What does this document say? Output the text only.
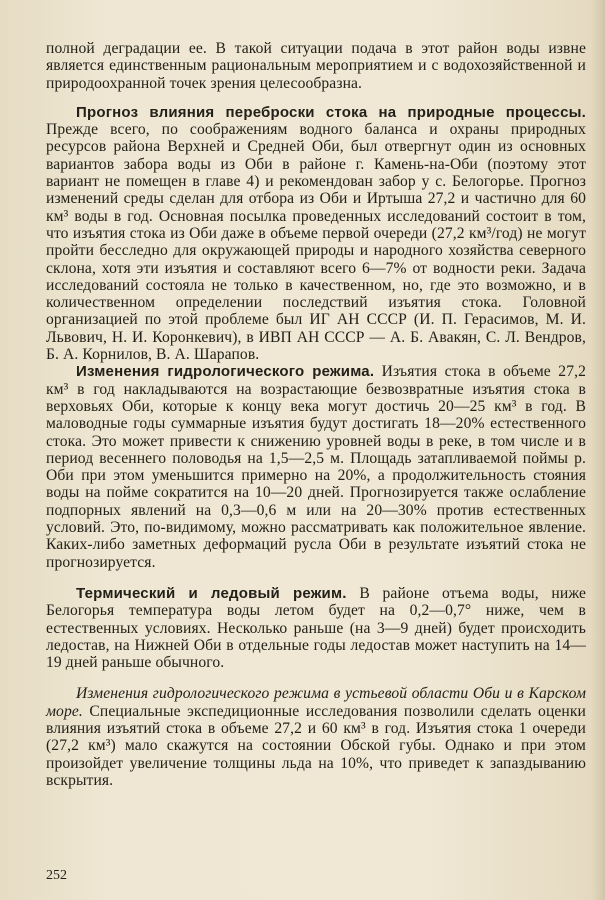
полной деградации ее. В такой ситуации подача в этот район воды извне является единственным рациональным мероприятием и с водохозяйственной и природоохранной точек зрения целесообразна.

Прогноз влияния переброски стока на природные процессы. Прежде всего, по соображениям водного баланса и охраны природных ресурсов района Верхней и Средней Оби, был отвергнут один из основных вариантов забора воды из Оби в районе г. Камень-на-Оби (поэтому этот вариант не помещен в главе 4) и рекомендован забор у с. Белогорье. Прогноз изменений среды сделан для отбора из Оби и Иртыша 27,2 и частично для 60 км³ воды в год. Основная посылка проведенных исследований состоит в том, что изъятия стока из Оби даже в объеме первой очереди (27,2 км³/год) не могут пройти бесследно для окружающей природы и народного хозяйства северного склона, хотя эти изъятия и составляют всего 6—7% от водности реки. Задача исследований состояла не только в качественном, но, где это возможно, и в количественном определении последствий изъятия стока. Головной организацией по этой проблеме был ИГ АН СССР (И. П. Герасимов, М. И. Львович, Н. И. Коронкевич), в ИВП АН СССР — А. Б. Авакян, С. Л. Вендров, Б. А. Корнилов, В. А. Шарапов.

Изменения гидрологического режима. Изъятия стока в объеме 27,2 км³ в год накладываются на возрастающие безвозвратные изъятия стока в верховьях Оби, которые к концу века могут достичь 20—25 км³ в год. В маловодные годы суммарные изъятия будут достигать 18—20% естественного стока. Это может привести к снижению уровней воды в реке, в том числе и в период весеннего половодья на 1,5—2,5 м. Площадь затапливаемой поймы р. Оби при этом уменьшится примерно на 20%, а продолжительность стояния воды на пойме сократится на 10—20 дней. Прогнозируется также ослабление подпорных явлений на 0,3—0,6 м или на 20—30% против естественных условий. Это, по-видимому, можно рассматривать как положительное явление. Каких-либо заметных деформаций русла Оби в результате изъятий стока не прогнозируется.

Термический и ледовый режим. В районе отъема воды, ниже Белогорья температура воды летом будет на 0,2—0,7° ниже, чем в естественных условиях. Несколько раньше (на 3—9 дней) будет происходить ледостав, на Нижней Оби в отдельные годы ледостав может наступить на 14—19 дней раньше обычного.

Изменения гидрологического режима в устьевой области Оби и в Карском море. Специальные экспедиционные исследования позволили сделать оценки влияния изъятий стока в объеме 27,2 и 60 км³ в год. Изъятия стока 1 очереди (27,2 км³) мало скажутся на состоянии Обской губы. Однако и при этом произойдет увеличение толщины льда на 10%, что приведет к запаздыванию вскрытия.

252
